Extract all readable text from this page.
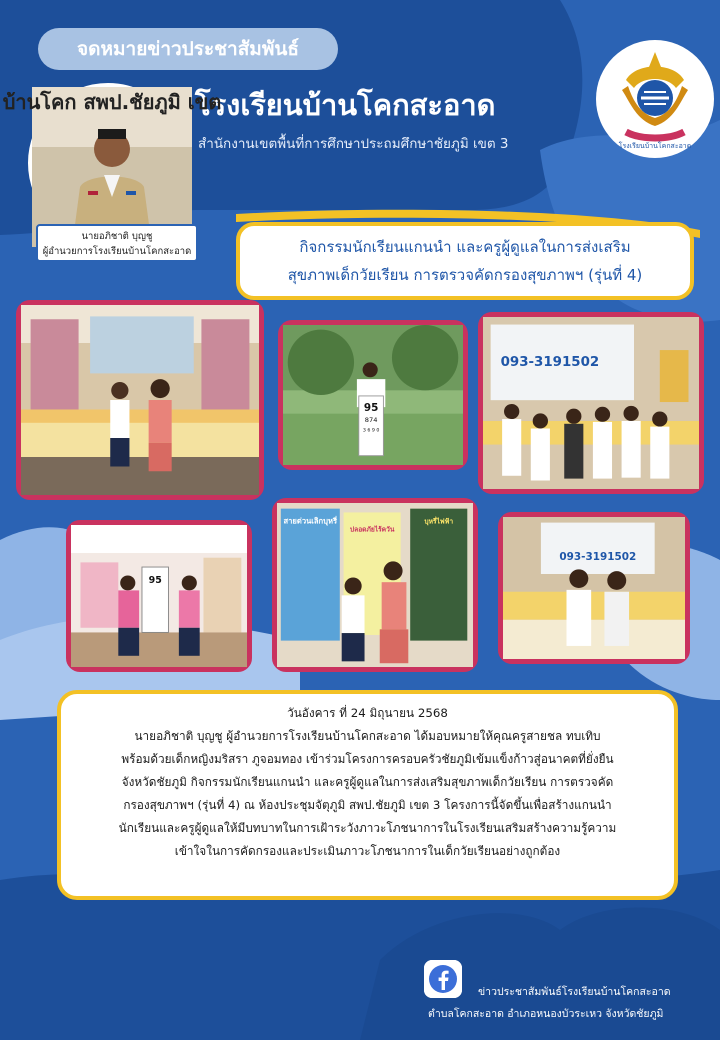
จดหมายข่าวประชาสัมพันธ์
โรงเรียนบ้านโคกสะอาด
สำนักงานเขตพื้นที่การศึกษาประถมศึกษาชัยภูมิ เขต 3
บ้านโคก สพป.ชัยภูมิ เขต
นายอภิชาติ บุญชู
ผู้อำนวยการโรงเรียนบ้านโคกสะอาด
โรงเรียนบ้านโคกสะอาด
กิจกรรมนักเรียนแกนนำ และครูผู้ดูแลในการส่งเสริม
สุขภาพเด็กวัยเรียน การตรวจคัดกรองสุขภาพฯ (รุ่นที่ 4)
95
874
3 6 9 0
093-3191502
95
สายด่วนเลิกบุหรี่
ปลอดภัยไร้ควัน
บุหรี่ไฟฟ้า
093-3191502
วันอังคาร ที่ 24 มิถุนายน 2568
นายอภิชาติ บุญชู ผู้อำนวยการโรงเรียนบ้านโคกสะอาด ได้มอบหมายให้คุณครูสายชล ทบเทิบ
พร้อมด้วยเด็กหญิงมริสรา ภูจอมทอง เข้าร่วมโครงการครอบครัวชัยภูมิเข้มแข็งก้าวสู่อนาคตที่ยั่งยืน
จังหวัดชัยภูมิ กิจกรรมนักเรียนแกนนำ และครูผู้ดูแลในการส่งเสริมสุขภาพเด็กวัยเรียน การตรวจคัด
กรองสุขภาพฯ (รุ่นที่ 4) ณ ห้องประชุมจัตุภูมิ สพป.ชัยภูมิ เขต 3 โครงการนี้จัดขึ้นเพื่อสร้างแกนนำ
นักเรียนและครูผู้ดูแลให้มีบทบาทในการเฝ้าระวังภาวะโภชนาการในโรงเรียนเสริมสร้างความรู้ความ
เข้าใจในการคัดกรองและประเมินภาวะโภชนาการในเด็กวัยเรียนอย่างถูกต้อง
ข่าวประชาสัมพันธ์โรงเรียนบ้านโคกสะอาด
ตำบลโคกสะอาด อำเภอหนองบัวระเหว จังหวัดชัยภูมิ
